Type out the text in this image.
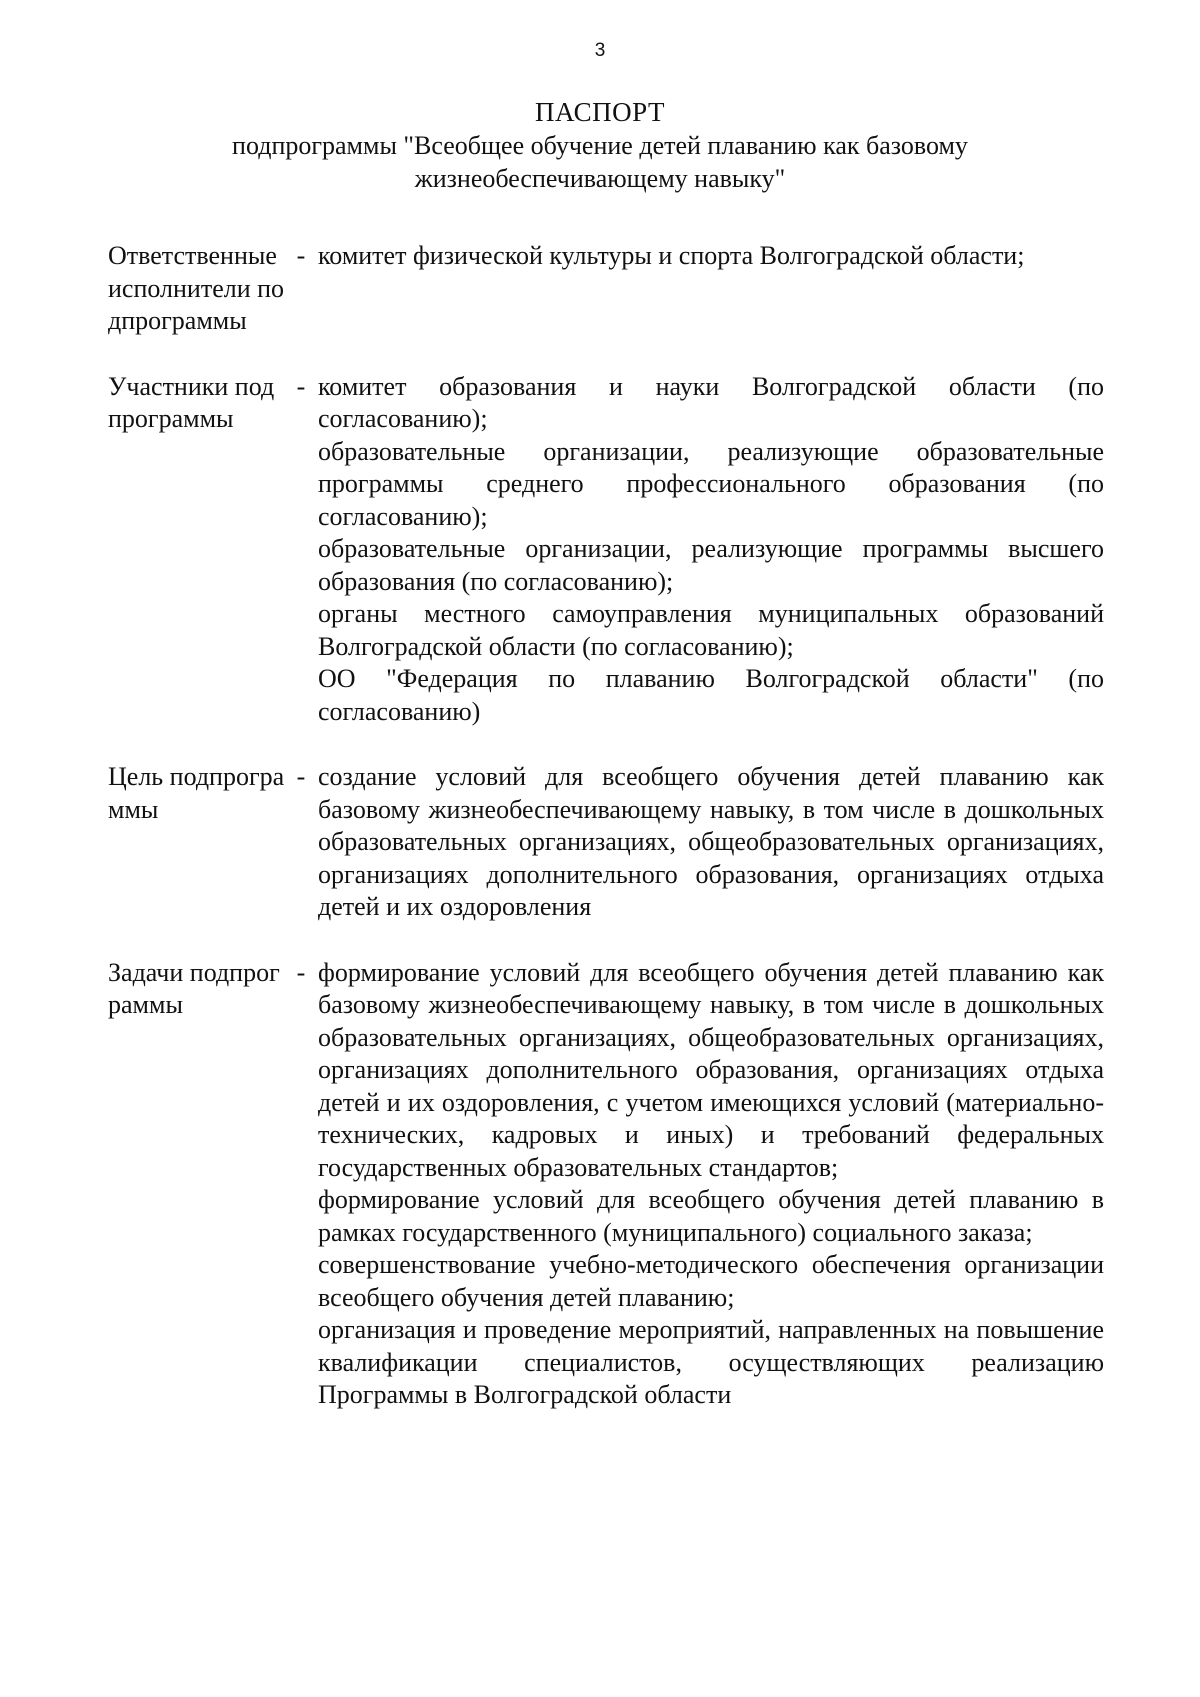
3
ПАСПОРТ
подпрограммы "Всеобщее обучение детей плаванию как базовому жизнеобеспечивающему навыку"
Ответственные исполнители подпрограммы
- комитет физической культуры и спорта Волгоградской области;

Участники подпрограммы
- комитет образования и науки Волгоградской области (по согласованию);

образовательные организации, реализующие образовательные программы среднего профессионального образования (по согласованию);

образовательные организации, реализующие программы высшего образования (по согласованию);

органы местного самоуправления муниципальных образований Волгоградской области (по согласованию);

ОО "Федерация по плаванию Волгоградской области" (по согласованию)

Цель подпрограммы
- создание условий для всеобщего обучения детей плаванию как базовому жизнеобеспечивающему навыку, в том числе в дошкольных образовательных организациях, общеобразовательных организациях, организациях дополнительного образования, организациях отдыха детей и их оздоровления

Задачи подпрограммы
- формирование условий для всеобщего обучения детей плаванию как базовому жизнеобеспечивающему навыку, в том числе в дошкольных образовательных организациях, общеобразовательных организациях, организациях дополнительного образования, организациях отдыха детей и их оздоровления, с учетом имеющихся условий (материально-технических, кадровых и иных) и требований федеральных государственных образовательных стандартов;

формирование условий для всеобщего обучения детей плаванию в рамках государственного (муниципального) социального заказа;

совершенствование учебно-методического обеспечения организации всеобщего обучения детей плаванию;

организация и проведение мероприятий, направленных на повышение квалификации специалистов, осуществляющих реализацию Программы в Волгоградской области
